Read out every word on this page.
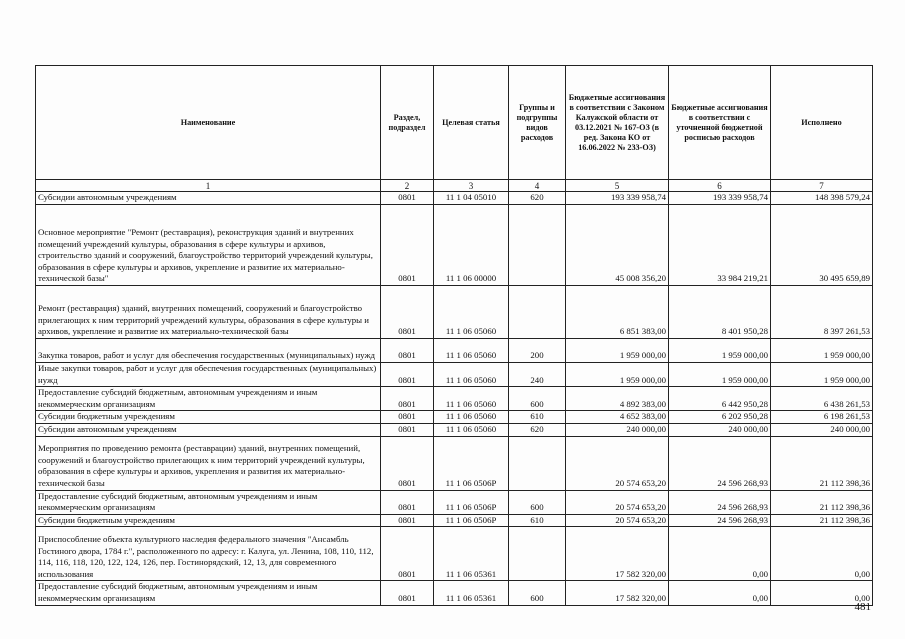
Наименование	Раздел, подраздел	Целевая статья	Группы и подгруппы видов расходов	Бюджетные ассигнования в соответствии с Законом Калужской области от 03.12.2021 № 167-ОЗ (в ред. Закона КО от 16.06.2022 № 233-ОЗ)	Бюджетные ассигнования в соответствии с уточненной бюджетной росписью расходов	Исполнено
1	2	3	4	5	6	7
Субсидии автономным учреждениям	0801	11 1 04 05010	620	193 339 958,74	193 339 958,74	148 398 579,24
Основное мероприятие "Ремонт (реставрация), реконструкция зданий и внутренних помещений учреждений культуры, образования в сфере культуры и архивов, строительство зданий и сооружений, благоустройство территорий учреждений культуры, образования в сфере культуры и архивов, укрепление и развитие их материально-технической базы"	0801	11 1 06 00000		45 008 356,20	33 984 219,21	30 495 659,89
Ремонт (реставрация) зданий, внутренних помещений, сооружений и благоустройство прилегающих к ним территорий учреждений культуры, образования в сфере культуры и архивов, укрепление и развитие их материально-технической базы	0801	11 1 06 05060		6 851 383,00	8 401 950,28	8 397 261,53
Закупка товаров, работ и услуг для обеспечения государственных (муниципальных) нужд	0801	11 1 06 05060	200	1 959 000,00	1 959 000,00	1 959 000,00
Иные закупки товаров, работ и услуг для обеспечения государственных (муниципальных) нужд	0801	11 1 06 05060	240	1 959 000,00	1 959 000,00	1 959 000,00
Предоставление субсидий бюджетным, автономным учреждениям и иным некоммерческим организациям	0801	11 1 06 05060	600	4 892 383,00	6 442 950,28	6 438 261,53
Субсидии бюджетным учреждениям	0801	11 1 06 05060	610	4 652 383,00	6 202 950,28	6 198 261,53
Субсидии автономным учреждениям	0801	11 1 06 05060	620	240 000,00	240 000,00	240 000,00
Мероприятия по проведению ремонта (реставрации) зданий, внутренних помещений, сооружений и благоустройство прилегающих к ним территорий учреждений культуры, образования в сфере культуры и архивов, укрепления и развития их материально-технической базы	0801	11 1 06 0506Р		20 574 653,20	24 596 268,93	21 112 398,36
Предоставление субсидий бюджетным, автономным учреждениям и иным некоммерческим организациям	0801	11 1 06 0506Р	600	20 574 653,20	24 596 268,93	21 112 398,36
Субсидии бюджетным учреждениям	0801	11 1 06 0506Р	610	20 574 653,20	24 596 268,93	21 112 398,36
Приспособление объекта культурного наследия федерального значения "Ансамбль Гостиного двора, 1784 г.", расположенного по адресу: г. Калуга, ул. Ленина, 108, 110, 112, 114, 116, 118, 120, 122, 124, 126, пер. Гостинорядский, 12, 13, для современного использования	0801	11 1 06 05361		17 582 320,00	0,00	0,00
Предоставление субсидий бюджетным, автономным учреждениям и иным некоммерческим организациям	0801	11 1 06 05361	600	17 582 320,00	0,00	0,00
481
